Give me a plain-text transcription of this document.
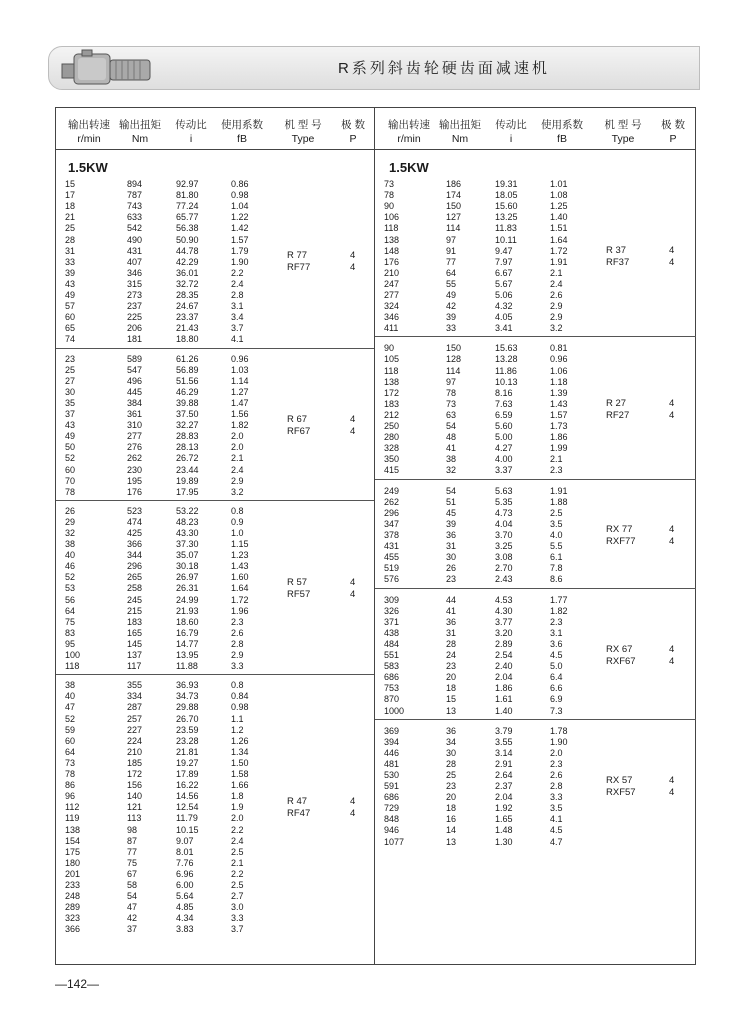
R系列斜齿轮硬齿面减速机
输出转速 输出扭矩 传动比 使用系数 机 型 号 极 数
r/min	Nm	i	fB	Type	P
输出转速 输出扭矩 传动比 使用系数 机 型 号 极 数
r/min	Nm	i	fB	Type	P
1.5KW	1.5KW
15	894	92.97	0.86
17	787	81.80	0.98
18	743	77.24	1.04
21	633	65.77	1.22
25	542	56.38	1.42
28	490	50.90	1.57
31	431	44.78	1.79
33	407	42.29	1.90
39	346	36.01	2.2
43	315	32.72	2.4
49	273	28.35	2.8
57	237	24.67	3.1
60	225	23.37	3.4
65	206	21.43	3.7
74	181	18.80	4.1
R 77	4
RF77	4
23	589	61.26	0.96
25	547	56.89	1.03
27	496	51.56	1.14
30	445	46.29	1.27
35	384	39.88	1.47
37	361	37.50	1.56
43	310	32.27	1.82
49	277	28.83	2.0
50	276	28.13	2.0
52	262	26.72	2.1
60	230	23.44	2.4
70	195	19.89	2.9
78	176	17.95	3.2
R 67	4
RF67	4
26	523	53.22	0.8
29	474	48.23	0.9
32	425	43.30	1.0
38	366	37.30	1.15
40	344	35.07	1.23
46	296	30.18	1.43
52	265	26.97	1.60
53	258	26.31	1.64
56	245	24.99	1.72
64	215	21.93	1.96
75	183	18.60	2.3
83	165	16.79	2.6
95	145	14.77	2.8
100	137	13.95	2.9
118	117	11.88	3.3
R 57	4
RF57	4
38	355	36.93	0.8
40	334	34.73	0.84
47	287	29.88	0.98
52	257	26.70	1.1
59	227	23.59	1.2
60	224	23.28	1.26
64	210	21.81	1.34
73	185	19.27	1.50
78	172	17.89	1.58
86	156	16.22	1.66
96	140	14.56	1.8
112	121	12.54	1.9
119	113	11.79	2.0
138	98	10.15	2.2
154	87	9.07	2.4
175	77	8.01	2.5
180	75	7.76	2.1
201	67	6.96	2.2
233	58	6.00	2.5
248	54	5.64	2.7
289	47	4.85	3.0
323	42	4.34	3.3
366	37	3.83	3.7
R 47	4
RF47	4
73	186	19.31	1.01
78	174	18.05	1.08
90	150	15.60	1.25
106	127	13.25	1.40
118	114	11.83	1.51
138	97	10.11	1.64
148	91	9.47	1.72
176	77	7.97	1.91
210	64	6.67	2.1
247	55	5.67	2.4
277	49	5.06	2.6
324	42	4.32	2.9
346	39	4.05	2.9
411	33	3.41	3.2
R 37	4
RF37	4
90	150	15.63	0.81
105	128	13.28	0.96
118	114	11.86	1.06
138	97	10.13	1.18
172	78	8.16	1.39
183	73	7.63	1.43
212	63	6.59	1.57
250	54	5.60	1.73
280	48	5.00	1.86
328	41	4.27	1.99
350	38	4.00	2.1
415	32	3.37	2.3
R 27	4
RF27	4
249	54	5.63	1.91
262	51	5.35	1.88
296	45	4.73	2.5
347	39	4.04	3.5
378	36	3.70	4.0
431	31	3.25	5.5
455	30	3.08	6.1
519	26	2.70	7.8
576	23	2.43	8.6
RX 77	4
RXF77	4
309	44	4.53	1.77
326	41	4.30	1.82
371	36	3.77	2.3
438	31	3.20	3.1
484	28	2.89	3.6
551	24	2.54	4.5
583	23	2.40	5.0
686	20	2.04	6.4
753	18	1.86	6.6
870	15	1.61	6.9
1000	13	1.40	7.3
RX 67	4
RXF67	4
369	36	3.79	1.78
394	34	3.55	1.90
446	30	3.14	2.0
481	28	2.91	2.3
530	25	2.64	2.6
591	23	2.37	2.8
686	20	2.04	3.3
729	18	1.92	3.5
848	16	1.65	4.1
946	14	1.48	4.5
1077	13	1.30	4.7
RX 57	4
RXF57	4
—142—
